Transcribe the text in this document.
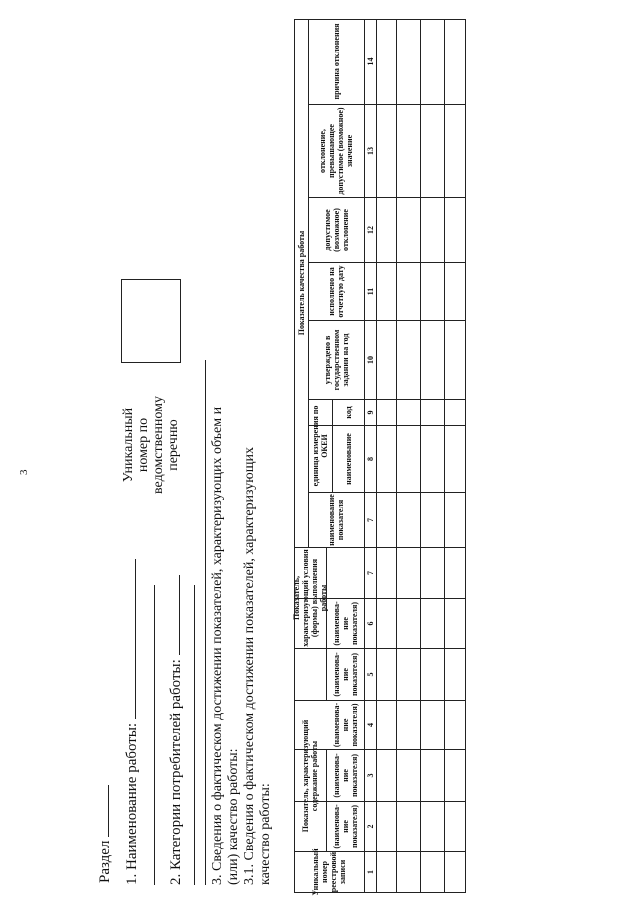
3
Раздел 1. Наименование работы: 2. Категории потребителей работы:
Уникальный номер по ведомственному перечню 3. Сведения о фактическом достижении показателей, характеризующих объем и (или) качество работы: 3.1. Сведения о фактическом достижении показателей, характеризующих качество работы:	Уникальный номер реестровой записи
Показатель, характеризующий содержание работы
Показатель, характеризующий условия (формы) выполнения работы
Показатель качества работы
наименование показателя
единица измерения по ОКЕИ	наименование
код
утверждено в государственном задании на год
исполнено на отчетную дату
допустимое (возможное) отклонение
отклонение, превышающее допустимое (возможное) значение
причина отклонения
(наименова- ние показателя)
(наименова- ние показателя)
(наименова- ние показателя)
(наименова- ние показателя)
(наименова- ние показателя)
1
2
3
4
5
6
7
7
8
9
10
11
12
13
14
